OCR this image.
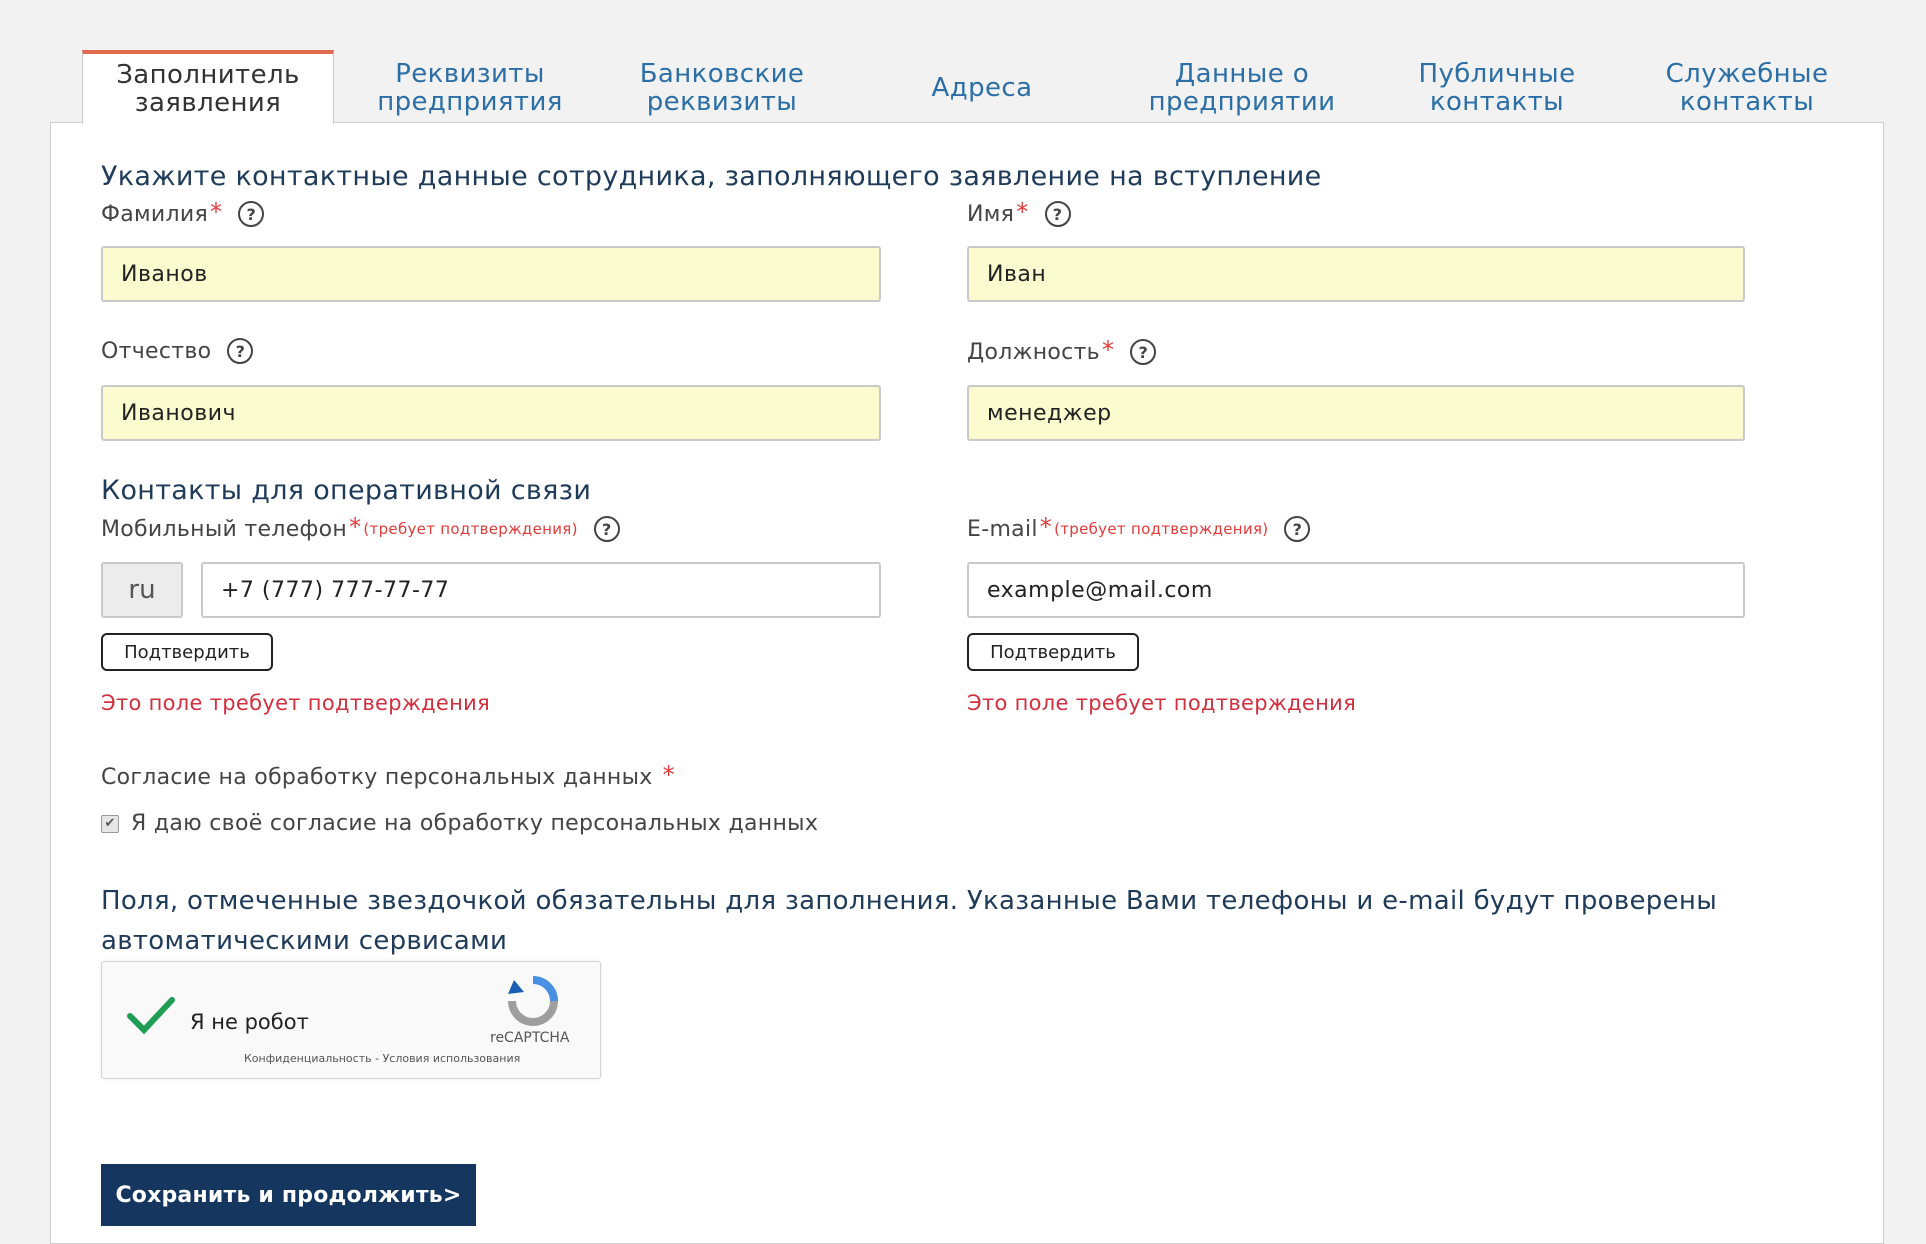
Заполнитель
заявления
Реквизиты
предприятия
Банковские
реквизиты	Адреса	Данные о
предприятии
Публичные
контакты
Служебные
контакты
Укажите контактные данные сотрудника, заполняющего заявление на вступление
Фамилия *	?
Иванов
Имя *	?
Иван
Отчество	?
Иванович
Должность *	?
менеджер
Контакты для оперативной связи
Мобильный телефон * (требует подтверждения)	?
ru	+7 (777) 777-77-77
Подтвердить
Это поле требует подтверждения
E-mail * (требует подтверждения)	?
example@mail.com
Подтвердить
Это поле требует подтверждения
Согласие на обработку персональных данных *
✔ Я даю своё согласие на обработку персональных данных
Поля, отмеченные звездочкой обязательны для заполнения. Указанные Вами телефоны и e-mail будут проверены автоматическими сервисами
Я не робот
reCAPTCHA
Конфиденциальность - Условия использования
Сохранить и продолжить>
